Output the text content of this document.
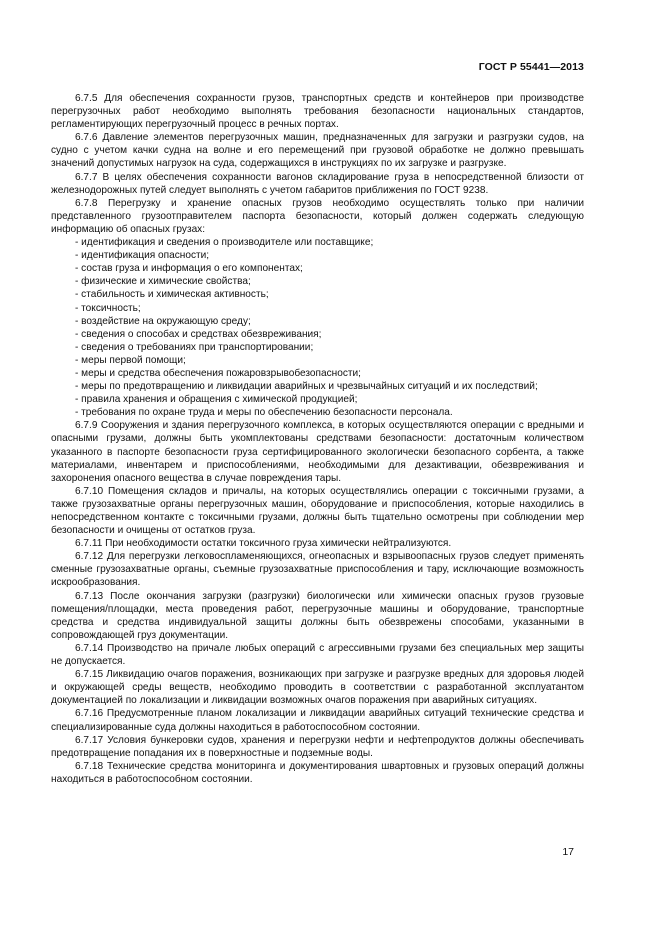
ГОСТ Р 55441—2013

6.7.5 Для обеспечения сохранности грузов, транспортных средств и контейнеров при производстве перегрузочных работ необходимо выполнять требования безопасности национальных стандартов, регламентирующих перегрузочный процесс в речных портах.

6.7.6 Давление элементов перегрузочных машин, предназначенных для загрузки и разгрузки судов, на судно с учетом качки судна на волне и его перемещений при грузовой обработке не должно превышать значений допустимых нагрузок на суда, содержащихся в инструкциях по их загрузке и разгрузке.

6.7.7 В целях обеспечения сохранности вагонов складирование груза в непосредственной близости от железнодорожных путей следует выполнять с учетом габаритов приближения по ГОСТ 9238.

6.7.8 Перегрузку и хранение опасных грузов необходимо осуществлять только при наличии представленного грузоотправителем паспорта безопасности, который должен содержать следующую информацию об опасных грузах:

- идентификация и сведения о производителе или поставщике;

- идентификация опасности;

- состав груза и информация о его компонентах;

- физические и химические свойства;

- стабильность и химическая активность;

- токсичность;

- воздействие на окружающую среду;

- сведения о способах и средствах обезвреживания;

- сведения о требованиях при транспортировании;

- меры первой помощи;

- меры и средства обеспечения пожаровзрывобезопасности;

- меры по предотвращению и ликвидации аварийных и чрезвычайных ситуаций и их последствий;

- правила хранения и обращения с химической продукцией;

- требования по охране труда и меры по обеспечению безопасности персонала.

6.7.9 Сооружения и здания перегрузочного комплекса, в которых осуществляются операции с вредными и опасными грузами, должны быть укомплектованы средствами безопасности: достаточным количеством указанного в паспорте безопасности груза сертифицированного экологически безопасного сорбента, а также материалами, инвентарем и приспособлениями, необходимыми для дезактивации, обезвреживания и захоронения опасного вещества в случае повреждения тары.

6.7.10 Помещения складов и причалы, на которых осуществлялись операции с токсичными грузами, а также грузозахватные органы перегрузочных машин, оборудование и приспособления, которые находились в непосредственном контакте с токсичными грузами, должны быть тщательно осмотрены при соблюдении мер безопасности и очищены от остатков груза.

6.7.11 При необходимости остатки токсичного груза химически нейтрализуются.

6.7.12 Для перегрузки легковоспламеняющихся, огнеопасных и взрывоопасных грузов следует применять сменные грузозахватные органы, съемные грузозахватные приспособления и тару, исключающие возможность искрообразования.

6.7.13 После окончания загрузки (разгрузки) биологически или химически опасных грузов грузовые помещения/площадки, места проведения работ, перегрузочные машины и оборудование, транспортные средства и средства индивидуальной защиты должны быть обезврежены способами, указанными в сопровождающей груз документации.

6.7.14 Производство на причале любых операций с агрессивными грузами без специальных мер защиты не допускается.

6.7.15 Ликвидацию очагов поражения, возникающих при загрузке и разгрузке вредных для здоровья людей и окружающей среды веществ, необходимо проводить в соответствии с разработанной эксплуатантом документацией по локализации и ликвидации возможных очагов поражения при аварийных ситуациях.

6.7.16 Предусмотренные планом локализации и ликвидации аварийных ситуаций технические средства и специализированные суда должны находиться в работоспособном состоянии.

6.7.17 Условия бункеровки судов, хранения и перегрузки нефти и нефтепродуктов должны обеспечивать предотвращение попадания их в поверхностные и подземные воды.

6.7.18 Технические средства мониторинга и документирования швартовных и грузовых операций должны находиться в работоспособном состоянии.

17
